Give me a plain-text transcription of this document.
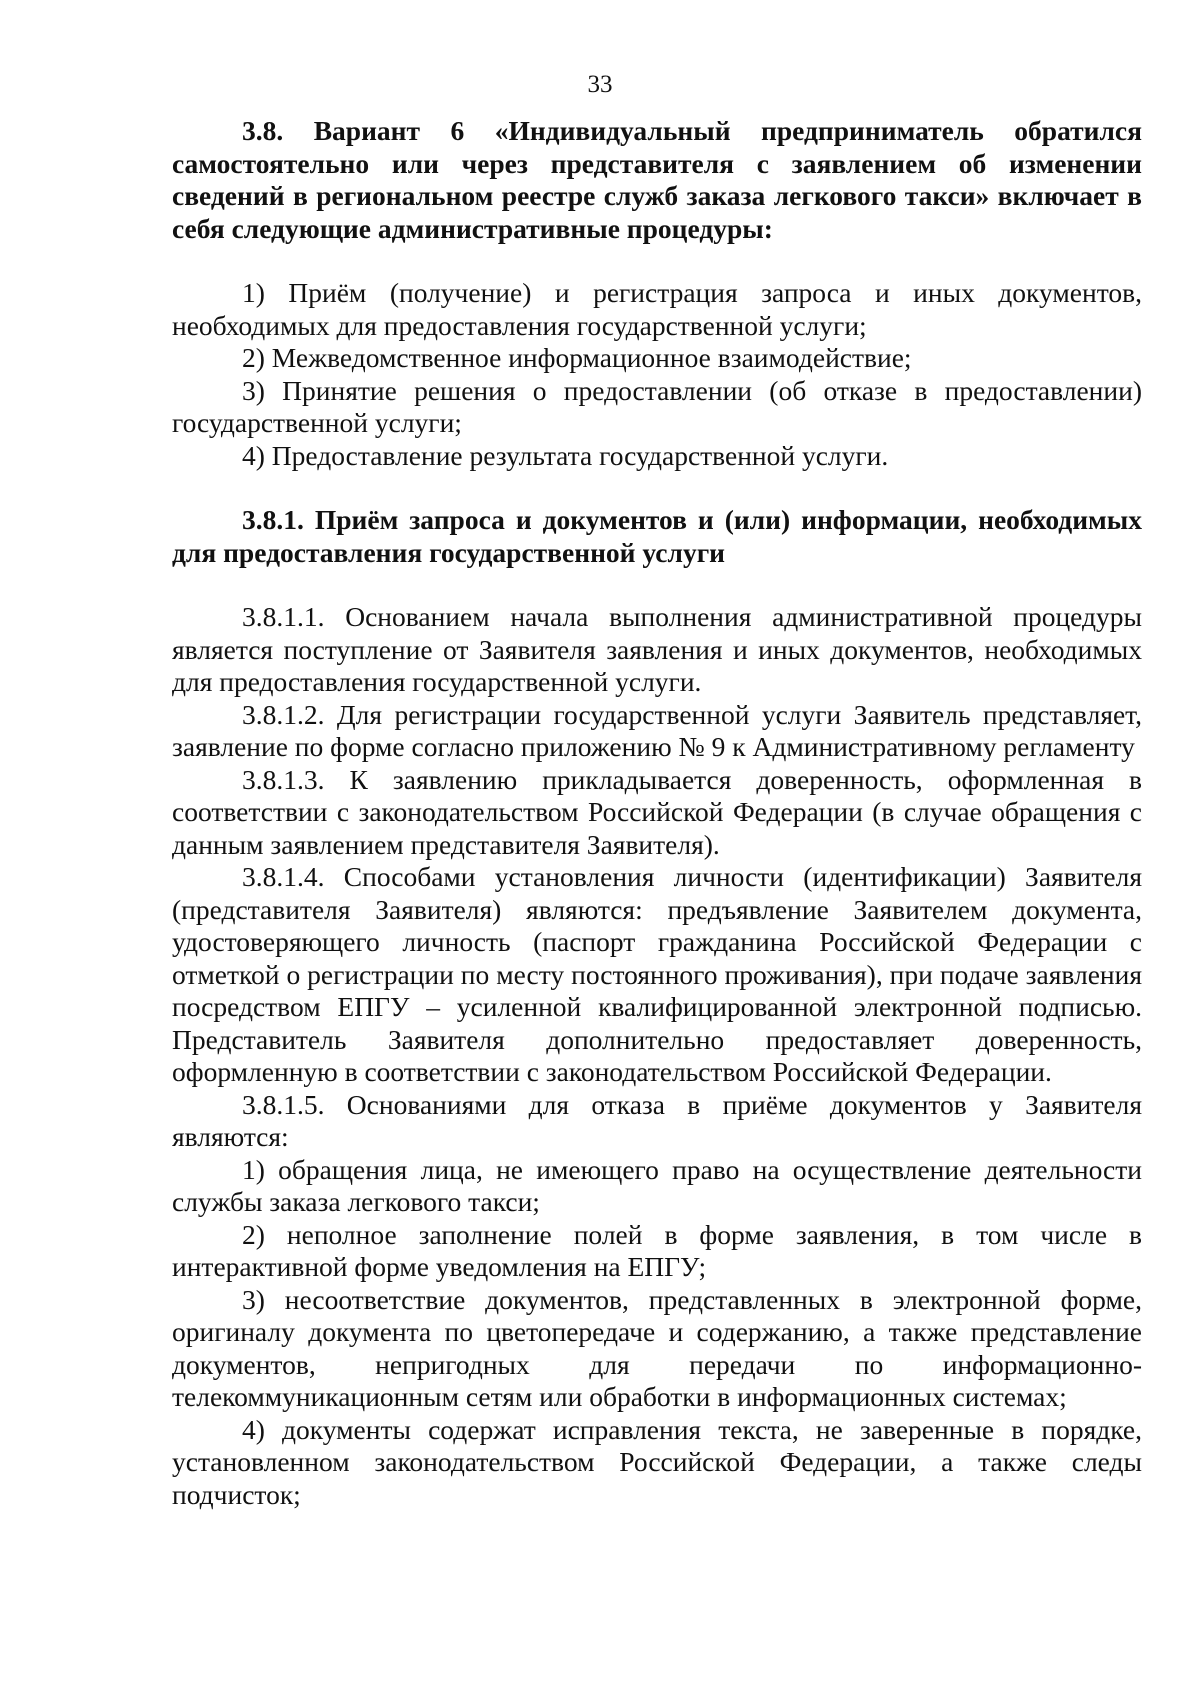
33

3.8. Вариант 6 «Индивидуальный предприниматель обратился самостоятельно или через представителя с заявлением об изменении сведений в региональном реестре служб заказа легкового такси» включает в себя следующие административные процедуры:

1) Приём (получение) и регистрация запроса и иных документов, необходимых для предоставления государственной услуги;

2) Межведомственное информационное взаимодействие;

3) Принятие решения о предоставлении (об отказе в предоставлении) государственной услуги;

4) Предоставление результата государственной услуги.

3.8.1. Приём запроса и документов и (или) информации, необходимых для предоставления государственной услуги

3.8.1.1. Основанием начала выполнения административной процедуры является поступление от Заявителя заявления и иных документов, необходимых для предоставления государственной услуги.

3.8.1.2. Для регистрации государственной услуги Заявитель представляет, заявление по форме согласно приложению № 9 к Административному регламенту

3.8.1.3. К заявлению прикладывается доверенность, оформленная в соответствии с законодательством Российской Федерации (в случае обращения с данным заявлением представителя Заявителя).

3.8.1.4. Способами установления личности (идентификации) Заявителя (представителя Заявителя) являются: предъявление Заявителем документа, удостоверяющего личность (паспорт гражданина Российской Федерации с отметкой о регистрации по месту постоянного проживания), при подаче заявления посредством ЕПГУ – усиленной квалифицированной электронной подписью. Представитель Заявителя дополнительно предоставляет доверенность, оформленную в соответствии с законодательством Российской Федерации.

3.8.1.5. Основаниями для отказа в приёме документов у Заявителя являются:

1) обращения лица, не имеющего право на осуществление деятельности службы заказа легкового такси;

2) неполное заполнение полей в форме заявления, в том числе в интерактивной форме уведомления на ЕПГУ;

3) несоответствие документов, представленных в электронной форме, оригиналу документа по цветопередаче и содержанию, а также представление документов, непригодных для передачи по информационно-телекоммуникационным сетям или обработки в информационных системах;

4) документы содержат исправления текста, не заверенные в порядке, установленном законодательством Российской Федерации, а также следы подчисток;
